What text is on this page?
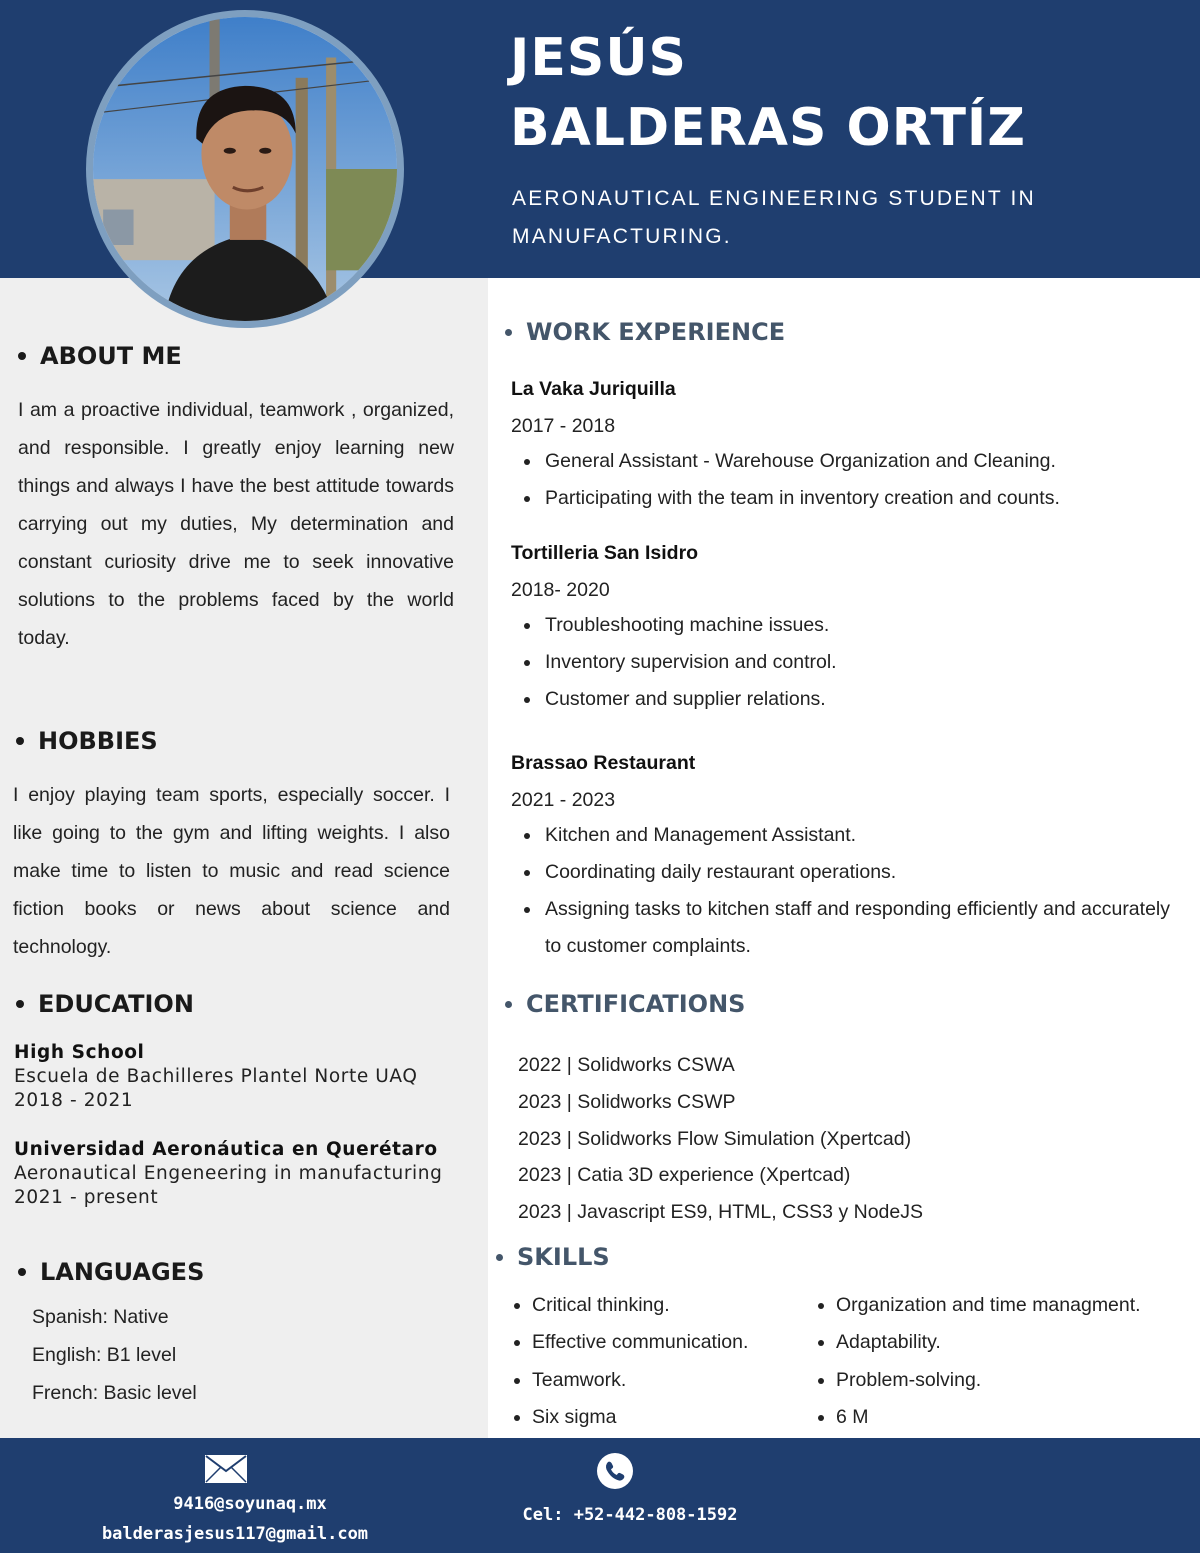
JESÚS
BALDERAS ORTÍZ
AERONAUTICAL ENGINEERING STUDENT IN MANUFACTURING.
ABOUT ME
I am a proactive individual, teamwork , organized, and responsible. I greatly enjoy learning new things and always I have the best attitude towards carrying out my duties, My determination and constant curiosity drive me to seek innovative solutions to the problems faced by the world today.
HOBBIES
I enjoy playing team sports, especially soccer. I like going to the gym and lifting weights. I also make time to listen to music and read science fiction books or news about science and technology.
EDUCATION
High School
Escuela de Bachilleres Plantel Norte UAQ
2018 - 2021
Universidad Aeronáutica en Querétaro
Aeronautical Engeneering in manufacturing
2021 - present
LANGUAGES
Spanish: Native
English: B1 level
French: Basic level
WORK EXPERIENCE
La Vaka Juriquilla
2017 - 2018
General Assistant - Warehouse Organization and Cleaning.
Participating with the team in inventory creation and counts.
Tortilleria San Isidro
2018- 2020
Troubleshooting machine issues.
Inventory supervision and control.
Customer and supplier relations.
Brassao Restaurant
2021 - 2023
Kitchen and Management Assistant.
Coordinating daily restaurant operations.
Assigning tasks to kitchen staff and responding efficiently and accurately to customer complaints.
CERTIFICATIONS
2022 | Solidworks CSWA
2023 | Solidworks CSWP
2023 | Solidworks Flow Simulation (Xpertcad)
2023 | Catia 3D experience (Xpertcad)
2023 | Javascript ES9, HTML, CSS3 y NodeJS
SKILLS
Critical thinking.
Effective communication.
Teamwork.
Six sigma
Organization and time managment.
Adaptability.
Problem-solving.
6 M
9416@soyunaq.mx
balderasjesus117@gmail.com
Cel: +52-442-808-1592
